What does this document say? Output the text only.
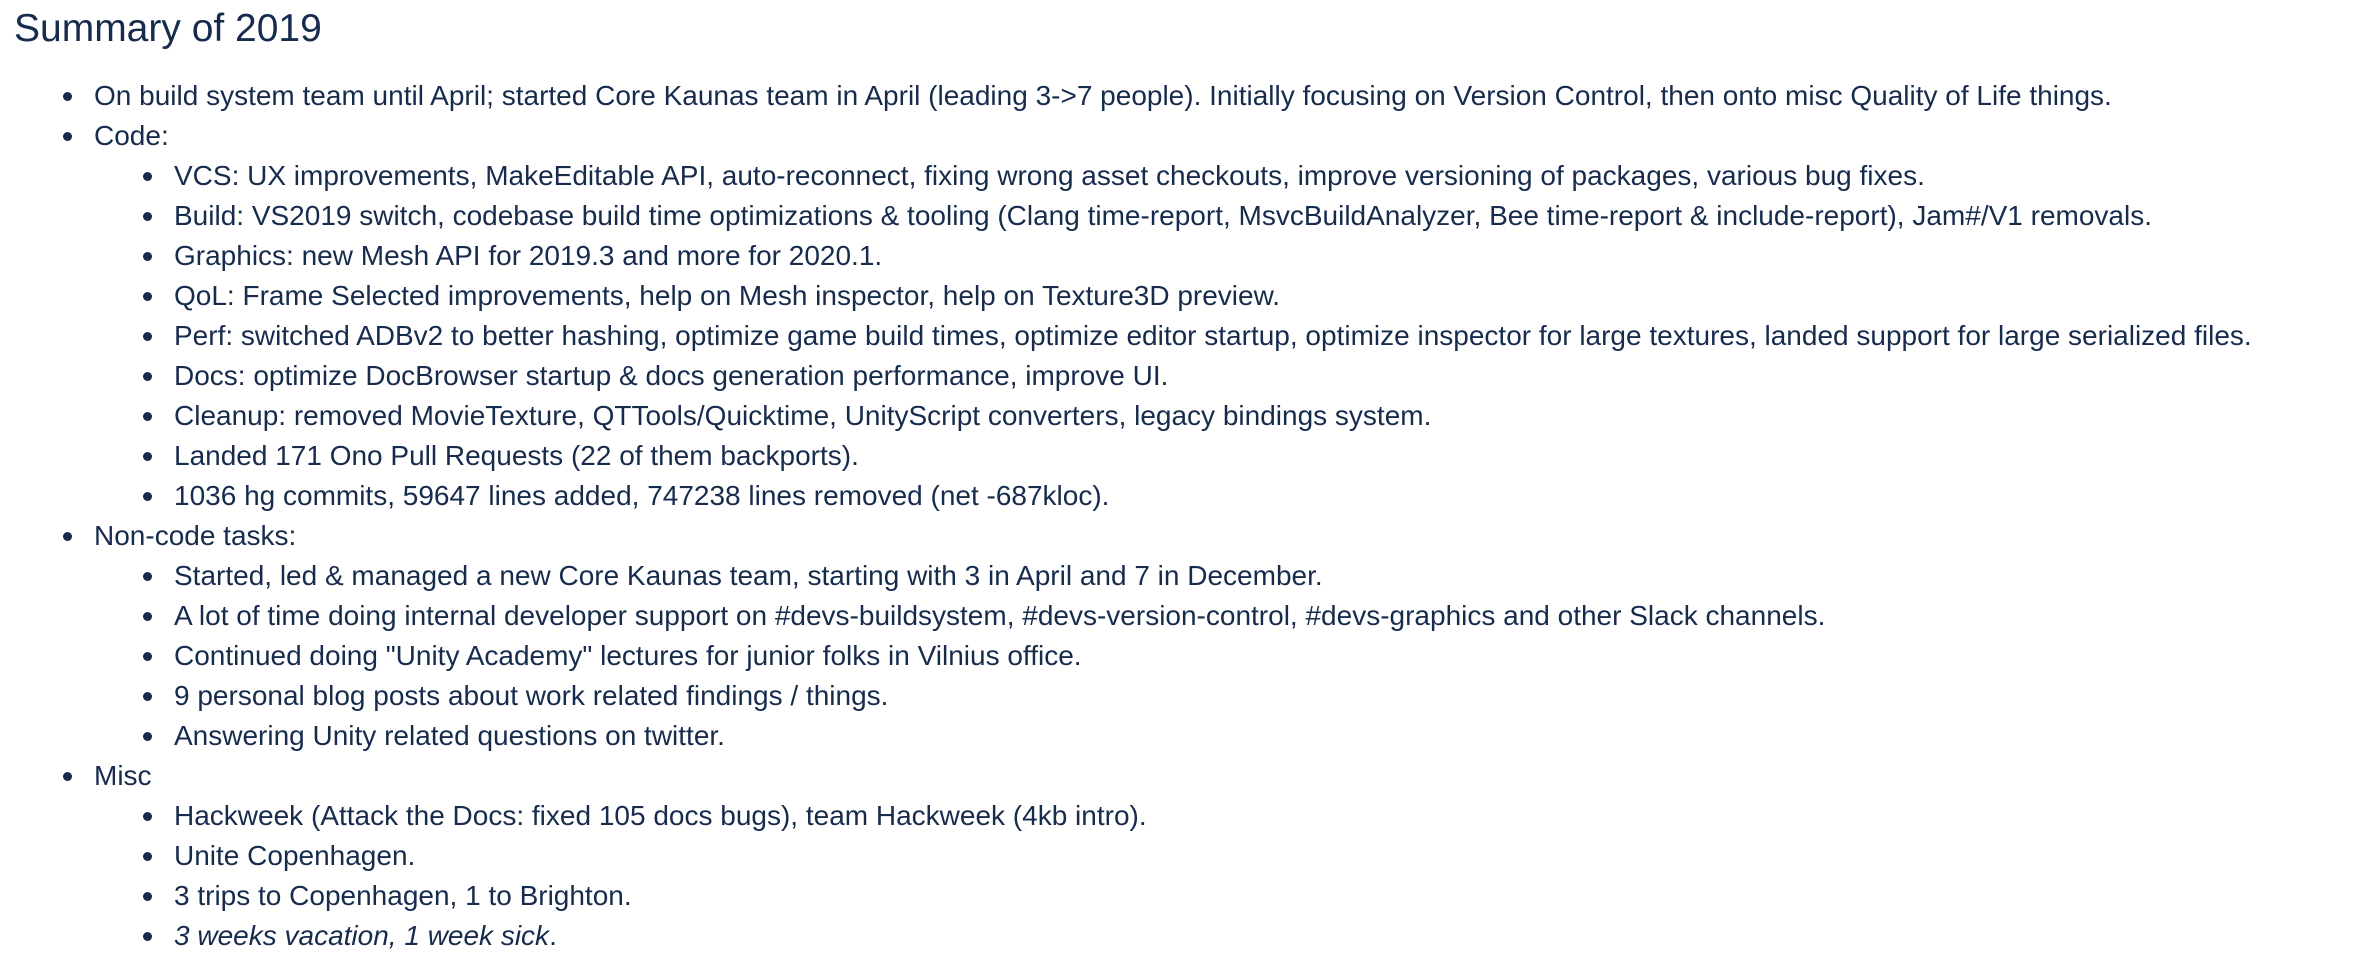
Summary of 2019
On build system team until April; started Core Kaunas team in April (leading 3->7 people). Initially focusing on Version Control, then onto misc Quality of Life things.
Code:
VCS: UX improvements, MakeEditable API, auto-reconnect, fixing wrong asset checkouts, improve versioning of packages, various bug fixes.
Build: VS2019 switch, codebase build time optimizations & tooling (Clang time-report, MsvcBuildAnalyzer, Bee time-report & include-report), Jam#/V1 removals.
Graphics: new Mesh API for 2019.3 and more for 2020.1.
QoL: Frame Selected improvements, help on Mesh inspector, help on Texture3D preview.
Perf: switched ADBv2 to better hashing, optimize game build times, optimize editor startup, optimize inspector for large textures, landed support for large serialized files.
Docs: optimize DocBrowser startup & docs generation performance, improve UI.
Cleanup: removed MovieTexture, QTTools/Quicktime, UnityScript converters, legacy bindings system.
Landed 171 Ono Pull Requests (22 of them backports).
1036 hg commits, 59647 lines added, 747238 lines removed (net -687kloc).
Non-code tasks:
Started, led & managed a new Core Kaunas team, starting with 3 in April and 7 in December.
A lot of time doing internal developer support on #devs-buildsystem, #devs-version-control, #devs-graphics and other Slack channels.
Continued doing "Unity Academy" lectures for junior folks in Vilnius office.
9 personal blog posts about work related findings / things.
Answering Unity related questions on twitter.
Misc
Hackweek (Attack the Docs: fixed 105 docs bugs), team Hackweek (4kb intro).
Unite Copenhagen.
3 trips to Copenhagen, 1 to Brighton.
3 weeks vacation, 1 week sick.
